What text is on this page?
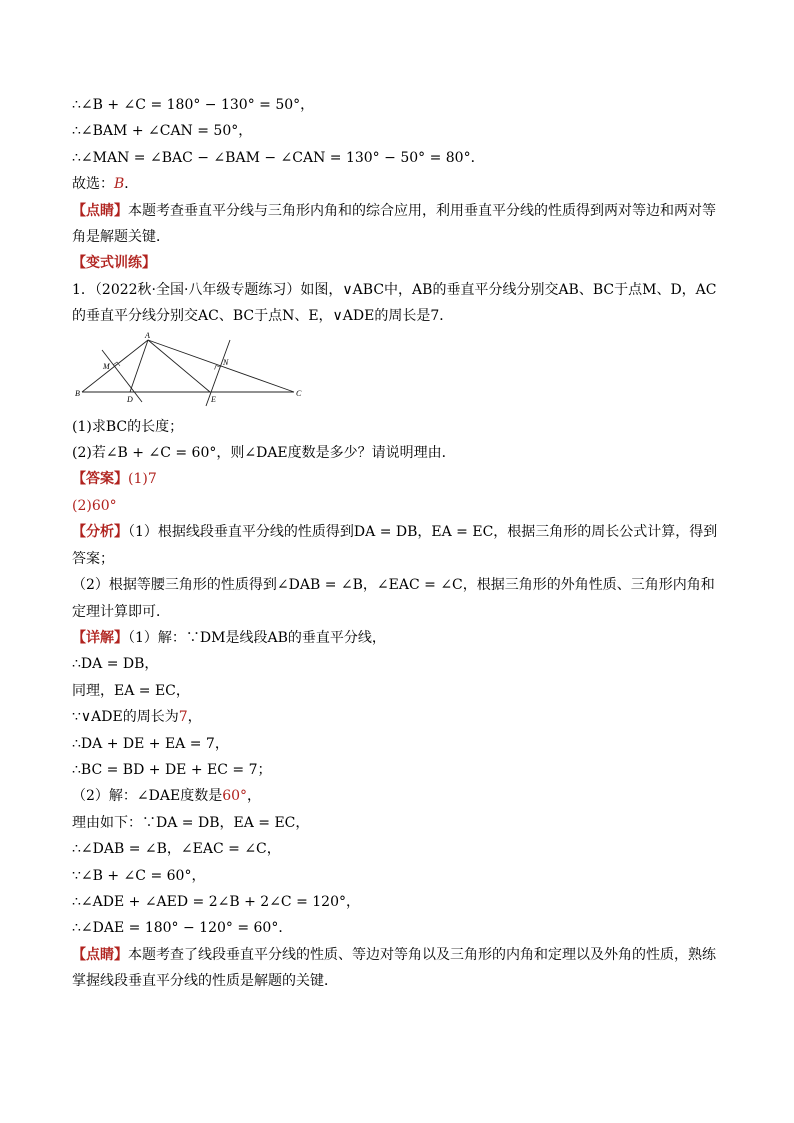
∴∠B + ∠C = 180° − 130° = 50°，
∴∠BAM + ∠CAN = 50°，
∴∠MAN = ∠BAC − ∠BAM − ∠CAN = 130° − 50° = 80°．
故选：B．
【点睛】本题考查垂直平分线与三角形内角和的综合应用，利用垂直平分线的性质得到两对等边和两对等角是解题关键．
【变式训练】
1．（2022秋·全国·八年级专题练习）如图，∨ABC中，AB的垂直平分线分别交AB、BC于点M、D，AC的垂直平分线分别交AC、BC于点N、E，∨ADE的周长是7．
A
B	C
D	E
M	N
(1)求BC的长度；
(2)若∠B + ∠C = 60°，则∠DAE度数是多少？请说明理由．
【答案】(1)7
(2)60°
【分析】（1）根据线段垂直平分线的性质得到DA = DB，EA = EC，根据三角形的周长公式计算，得到答案；
（2）根据等腰三角形的性质得到∠DAB = ∠B，∠EAC = ∠C，根据三角形的外角性质、三角形内角和定理计算即可．
【详解】（1）解：∵DM是线段AB的垂直平分线，
∴DA = DB，
同理，EA = EC，
∵∨ADE的周长为7，
∴DA + DE + EA = 7，
∴BC = BD + DE + EC = 7；
（2）解：∠DAE度数是60°，
理由如下：∵DA = DB，EA = EC，
∴∠DAB = ∠B，∠EAC = ∠C，
∵∠B + ∠C = 60°，
∴∠ADE + ∠AED = 2∠B + 2∠C = 120°，
∴∠DAE = 180° − 120° = 60°．
【点睛】本题考查了线段垂直平分线的性质、等边对等角以及三角形的内角和定理以及外角的性质，熟练掌握线段垂直平分线的性质是解题的关键．
